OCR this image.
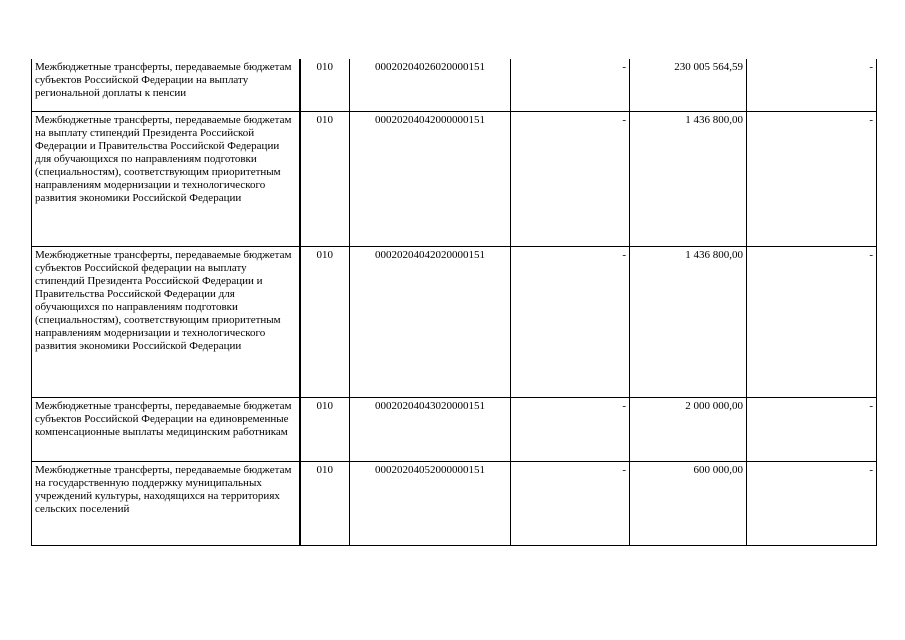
Межбюджетные трансферты, передаваемые бюджетам субъектов Российской Федерации на выплату региональной доплаты к пенсии	010	00020204026020000151	-	230 005 564,59	-
Межбюджетные трансферты, передаваемые бюджетам на выплату стипендий Президента Российской Федерации и Правительства Российской Федерации для обучающихся по направлениям подготовки (специальностям), соответствующим приоритетным направлениям модернизации и технологического развития экономики Российской Федерации	010	00020204042000000151	-	1 436 800,00	-
Межбюджетные трансферты, передаваемые бюджетам субъектов Российской федерации на выплату стипендий Президента Российской Федерации и Правительства Российской Федерации для обучающихся по направлениям подготовки (специальностям), соответствующим приоритетным направлениям модернизации и технологического развития экономики Российской Федерации	010	00020204042020000151	-	1 436 800,00	-
Межбюджетные трансферты, передаваемые бюджетам субъектов Российской Федерации на единовременные компенсационные выплаты медицинским работникам	010	00020204043020000151	-	2 000 000,00	-
Межбюджетные трансферты, передаваемые бюджетам на государственную поддержку муниципальных учреждений культуры, находящихся на территориях сельских поселений	010	00020204052000000151	-	600 000,00	-
